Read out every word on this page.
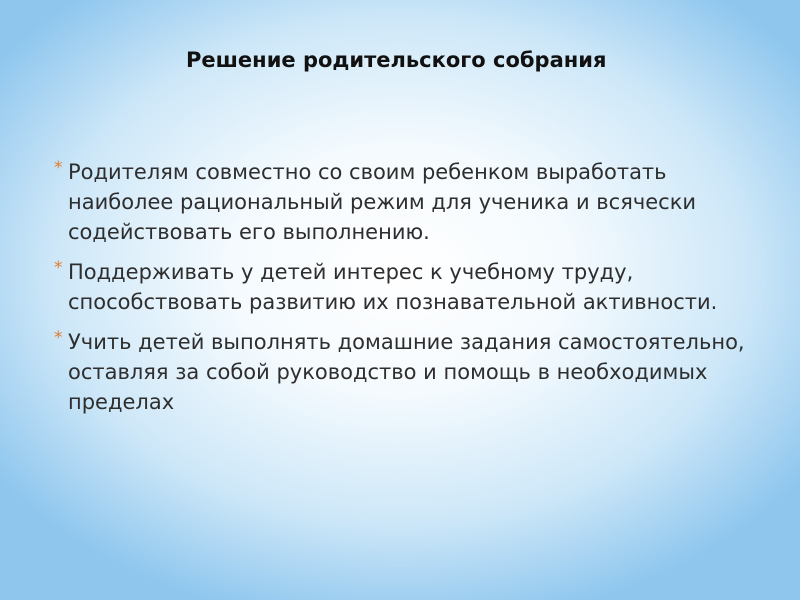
Решение родительского собрания
* Родителям совместно со своим ребенком выработать наиболее рациональный режим для ученика и всячески содействовать его выполнению.
* Поддерживать у детей интерес к учебному труду, способствовать развитию их познавательной активности.
* Учить детей выполнять домашние задания самостоятельно, оставляя за собой руководство и помощь в необходимых пределах
